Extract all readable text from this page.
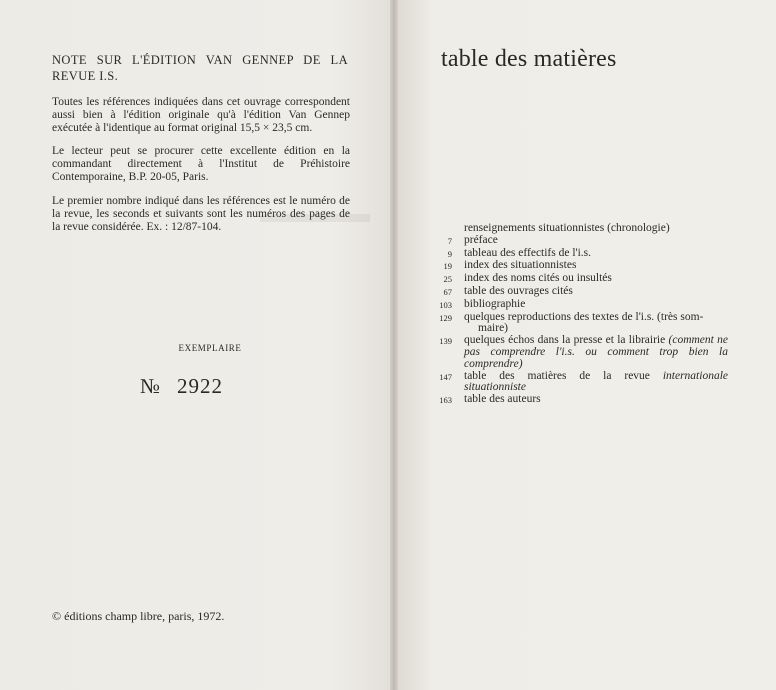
NOTE SUR L'ÉDITION VAN GENNEP DE LA REVUE I.S.
Toutes les références indiquées dans cet ouvrage correspondent aussi bien à l'édition originale qu'à l'édition Van Gennep exécutée à l'identique au format original 15,5 × 23,5 cm.
Le lecteur peut se procurer cette excellente édition en la commandant directement à l'Institut de Préhistoire Contemporaine, B.P. 20-05, Paris.
Le premier nombre indiqué dans les références est le numéro de la revue, les seconds et suivants sont les numéros des pages de la revue considérée. Ex. : 12/87-104.
EXEMPLAIRE
№ 2922
© éditions champ libre, paris, 1972.
table des matières
renseignements situationnistes (chronologie)
7 préface
9 tableau des effectifs de l'i.s.
19 index des situationnistes
25 index des noms cités ou insultés
67 table des ouvrages cités
103 bibliographie
129 quelques reproductions des textes de l'i.s. (très som-
maire)
139 quelques échos dans la presse et la librairie (comment ne pas comprendre l'i.s. ou comment trop bien la comprendre)
147 table des matières de la revue internationale situationniste
163 table des auteurs
